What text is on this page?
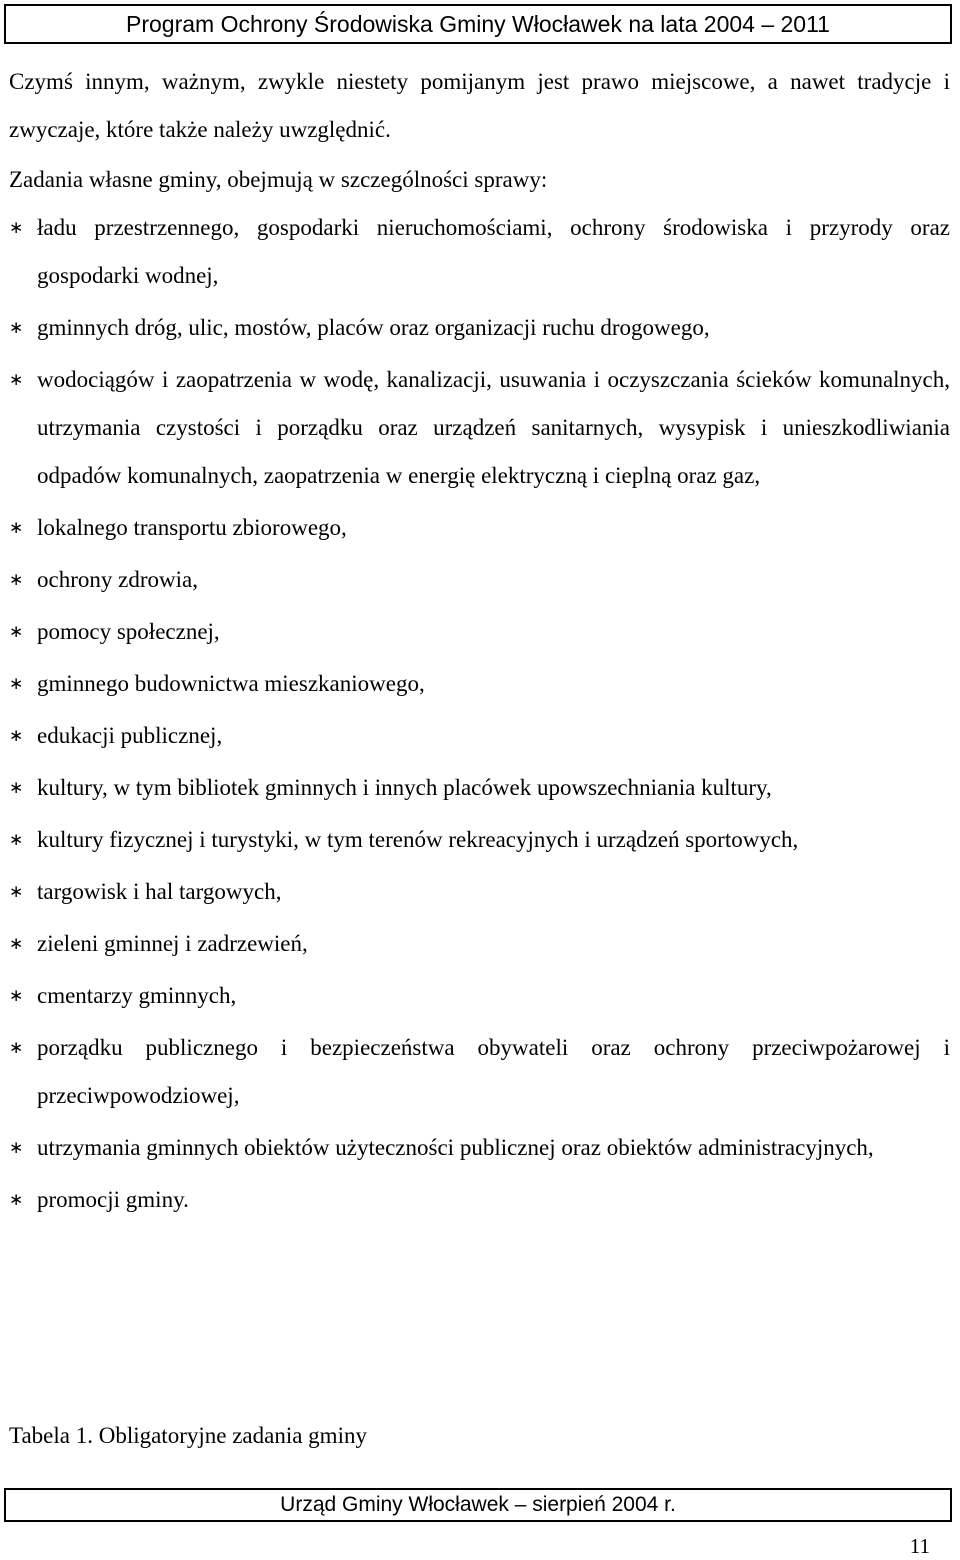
Program Ochrony Środowiska Gminy Włocławek na lata 2004 – 2011

Czymś innym, ważnym, zwykle niestety pomijanym jest prawo miejscowe, a nawet tradycje i zwyczaje, które także należy uwzględnić.

Zadania własne gminy, obejmują w szczególności sprawy:

∗ ładu przestrzennego, gospodarki nieruchomościami, ochrony środowiska i przyrody oraz gospodarki wodnej,
∗ gminnych dróg, ulic, mostów, placów oraz organizacji ruchu drogowego,
∗ wodociągów i zaopatrzenia w wodę, kanalizacji, usuwania i oczyszczania ścieków komunalnych, utrzymania czystości i porządku oraz urządzeń sanitarnych, wysypisk i unieszkodliwiania odpadów komunalnych, zaopatrzenia w energię elektryczną i cieplną oraz gaz,
∗ lokalnego transportu zbiorowego,
∗ ochrony zdrowia,
∗ pomocy społecznej,
∗ gminnego budownictwa mieszkaniowego,
∗ edukacji publicznej,
∗ kultury, w tym bibliotek gminnych i innych placówek upowszechniania kultury,
∗ kultury fizycznej i turystyki, w tym terenów rekreacyjnych i urządzeń sportowych,
∗ targowisk i hal targowych,
∗ zieleni gminnej i zadrzewień,
∗ cmentarzy gminnych,
∗ porządku publicznego i bezpieczeństwa obywateli oraz ochrony przeciwpożarowej i przeciwpowodziowej,
∗ utrzymania gminnych obiektów użyteczności publicznej oraz obiektów administracyjnych,
∗ promocji gminy.
Tabela 1. Obligatoryjne zadania gminy
Urząd Gminy Włocławek – sierpień 2004 r.
11
